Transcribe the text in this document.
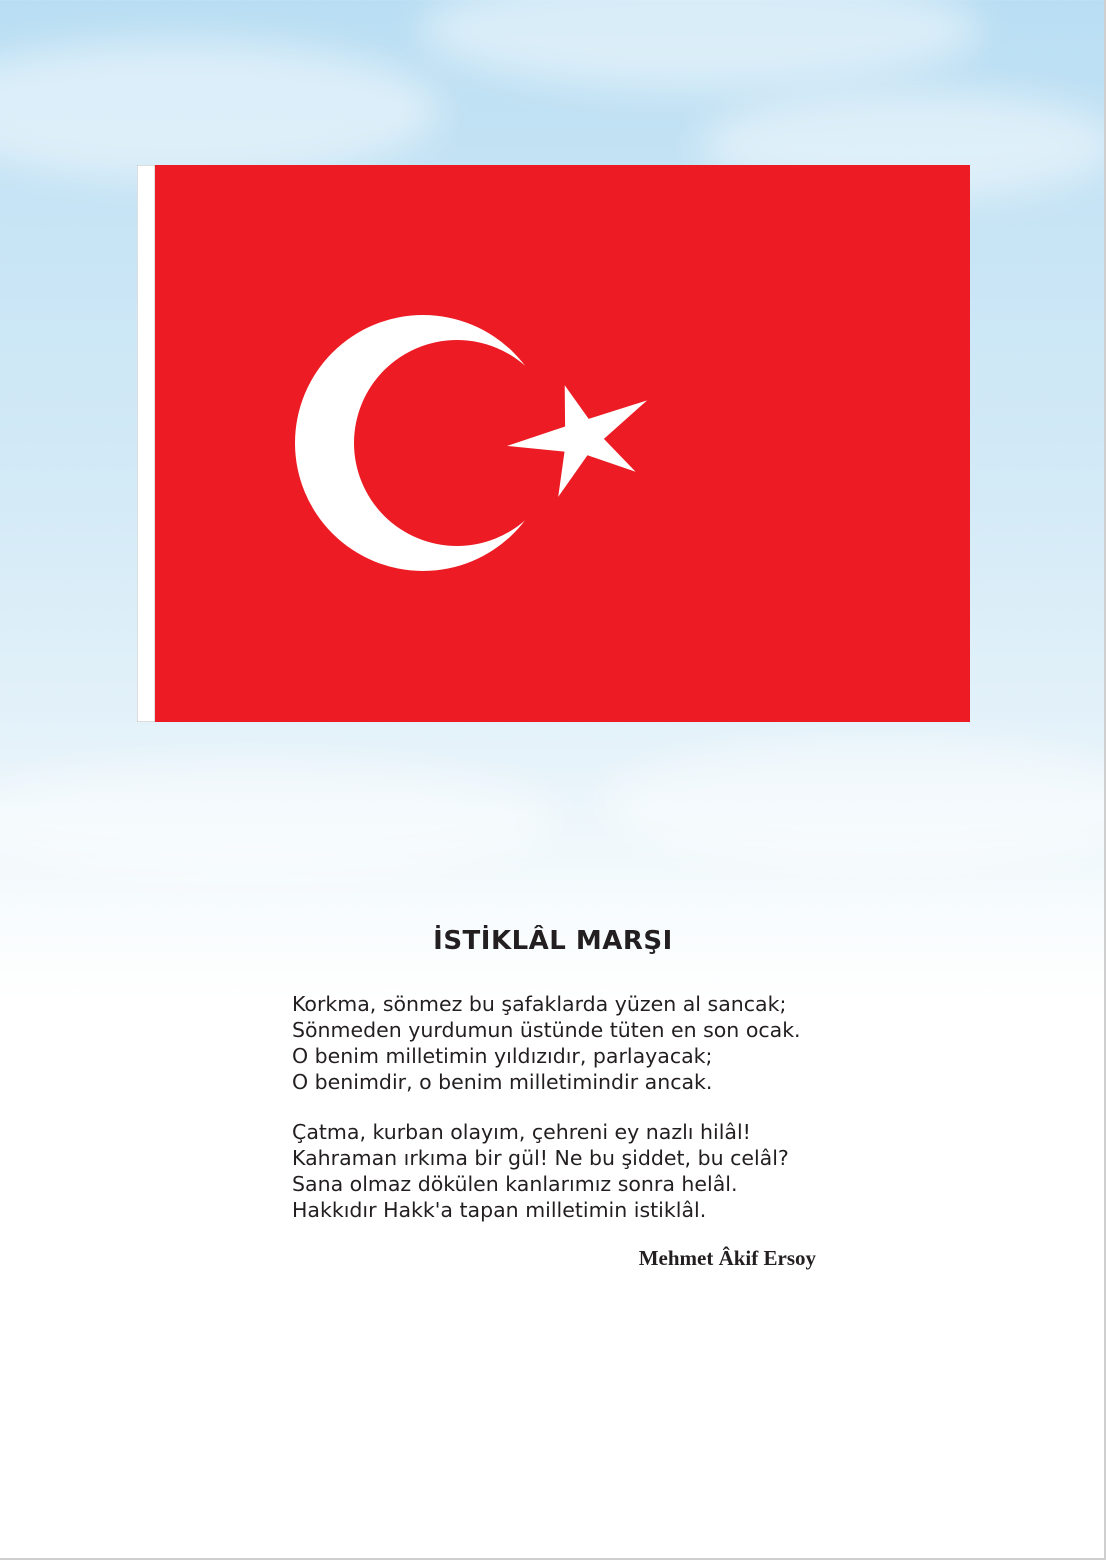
İSTİKLÂL MARŞI
Korkma, sönmez bu şafaklarda yüzen al sancak;
Sönmeden yurdumun üstünde tüten en son ocak.
O benim milletimin yıldızıdır, parlayacak;
O benimdir, o benim milletimindir ancak.
Çatma, kurban olayım, çehreni ey nazlı hilâl!
Kahraman ırkıma bir gül! Ne bu şiddet, bu celâl?
Sana olmaz dökülen kanlarımız sonra helâl.
Hakkıdır Hakk'a tapan milletimin istiklâl.
Mehmet Âkif Ersoy
